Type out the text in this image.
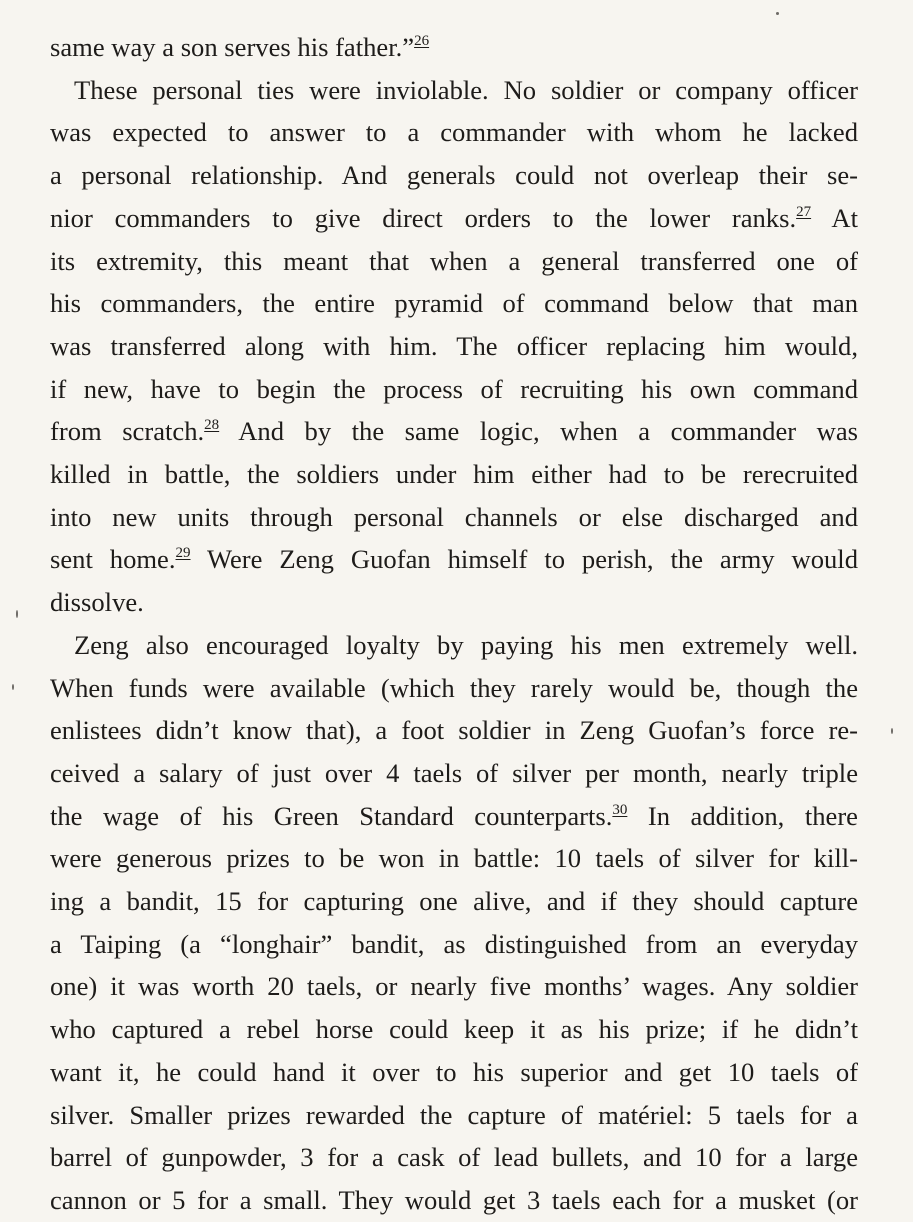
same way a son serves his father.”$^{26}$

These personal ties were inviolable. No soldier or company officer
was expected to answer to a commander with whom he lacked
a personal relationship. And generals could not overleap their se-
nior commanders to give direct orders to the lower ranks.$^{27}$ At
its extremity, this meant that when a general transferred one of
his commanders, the entire pyramid of command below that man
was transferred along with him. The officer replacing him would,
if new, have to begin the process of recruiting his own command
from scratch.$^{28}$ And by the same logic, when a commander was
killed in battle, the soldiers under him either had to be rerecruited
into new units through personal channels or else discharged and
sent home.$^{29}$ Were Zeng Guofan himself to perish, the army would
dissolve.

Zeng also encouraged loyalty by paying his men extremely well.
When funds were available (which they rarely would be, though the
enlistees didn’t know that), a foot soldier in Zeng Guofan’s force re-
ceived a salary of just over 4 taels of silver per month, nearly triple
the wage of his Green Standard counterparts.$^{30}$ In addition, there
were generous prizes to be won in battle: 10 taels of silver for kill-
ing a bandit, 15 for capturing one alive, and if they should capture
a Taiping (a “longhair” bandit, as distinguished from an everyday
one) it was worth 20 taels, or nearly five months’ wages. Any soldier
who captured a rebel horse could keep it as his prize; if he didn’t
want it, he could hand it over to his superior and get 10 taels of
silver. Smaller prizes rewarded the capture of matériel: 5 taels for a
barrel of gunpowder, 3 for a cask of lead bullets, and 10 for a large
cannon or 5 for a small. They would get 3 taels each for a musket (or
